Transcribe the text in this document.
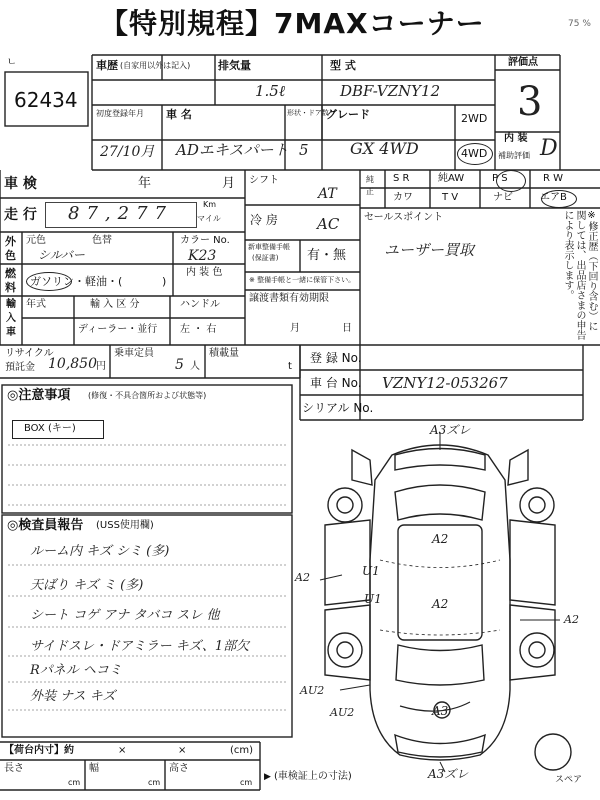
75 %
【特別規程】7MAXコーナー
ㄴ
62434
車歴 (自家用以外は記入)	排気量
1.5ℓ
型 式
DBF-VZNY12
初度登録年月
27/10月
車 名
ADエキスパート
形状・ドア数
5
グレード
GX 4WD
2WD
4WD
評価点
3
内 装
補助評価 D
車 検	年	月
走 行 87,277	Km
マイル
外
色
元色	色替
シルバー
カラー No.
K23
燃
料 ガソリン・軽油・(	)
内 装 色
輸
入
車
年式	輸 入 区 分
ディーラー・並行
ハンドル
左 ・ 右
シフト
AT
冷 房	AC
新車整備手帳
(保証書) 有・無
※ 整備手帳と一緒に保管下さい。
譲渡書類有効期限
月	日
純正
S R	純AW	P S	R W
カワ	T V	ナビ	エアB
セールスポイント
ユーザー買取	※修正歴（下回り含む）に関しては、出品店さまの申告により表示します。
リサイクル
預託金 10,850 円
乗車定員
5 人
積載量
t
登 録 No.
車 台 No. VZNY12-053267
シリアル No.
◎注意事項 (修復・不具合箇所および状態等)
BOX (キー)
◎検査員報告 (USS使用欄)
ルーム内 キズ シミ (多)
天ばり キズ ミ (多)
シート コゲ アナ タバコ スレ 他
サイドスレ・ドアミラー キズ、1部欠
Rパネル ヘコミ
外装 ナス キズ
A3ズレ
U1
U1
A2
A2
A2
A3
AU2
A2
AU2
A3ズレ	スペア
【荷台内寸】約	×	×	(cm)
長さ
cm
幅
cm
高さ
cm
▶ (車検証上の寸法)
